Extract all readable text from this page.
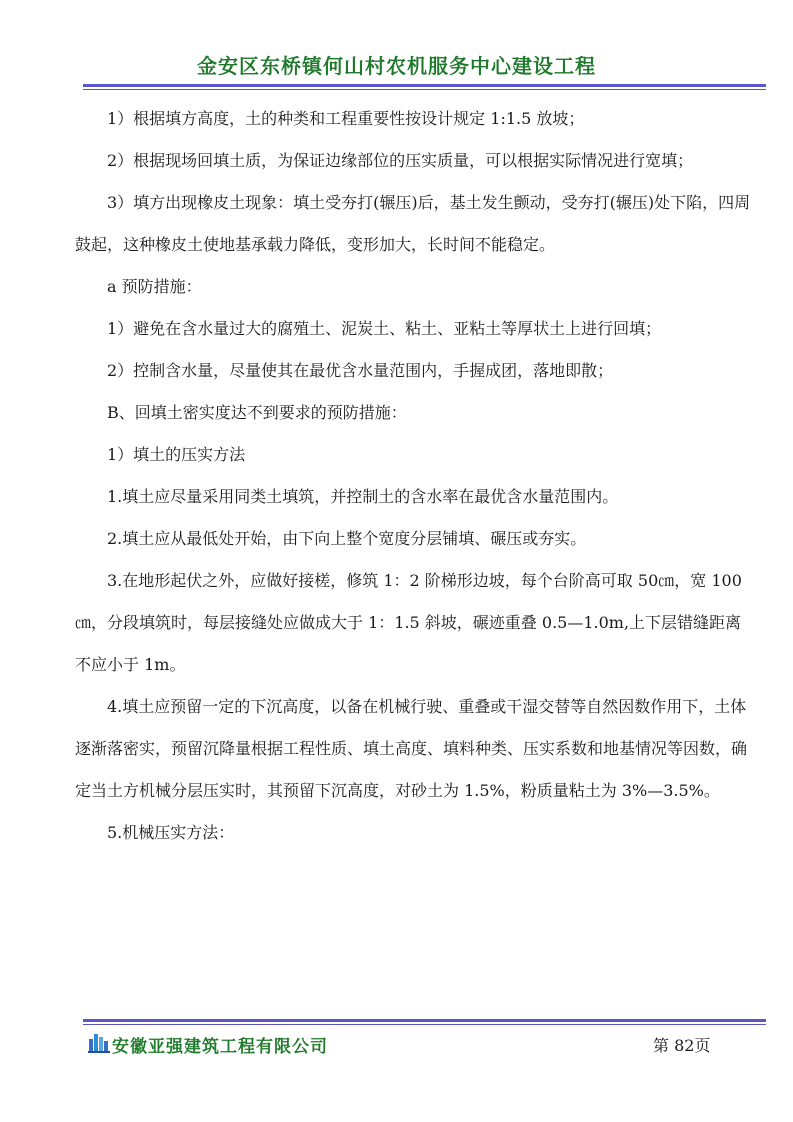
金安区东桥镇何山村农机服务中心建设工程

1）根据填方高度，土的种类和工程重要性按设计规定 1:1.5 放坡；

2）根据现场回填土质，为保证边缘部位的压实质量，可以根据实际情况进行宽填；

3）填方出现橡皮土现象：填土受夯打(辗压)后，基土发生颤动，受夯打(辗压)处下陷，四周鼓起，这种橡皮土使地基承载力降低，变形加大，长时间不能稳定。

a 预防措施：

1）避免在含水量过大的腐殖土、泥炭土、粘土、亚粘土等厚状土上进行回填；

2）控制含水量，尽量使其在最优含水量范围内，手握成团，落地即散；

B、回填土密实度达不到要求的预防措施：

1）填土的压实方法

1.填土应尽量采用同类土填筑，并控制土的含水率在最优含水量范围内。

2.填土应从最低处开始，由下向上整个宽度分层铺填、碾压或夯实。

3.在地形起伏之外，应做好接槎，修筑 1：2 阶梯形边坡，每个台阶高可取 50㎝，宽 100㎝，分段填筑时，每层接缝处应做成大于 1：1.5 斜坡，碾迹重叠 0.5—1.0m,上下层错缝距离不应小于 1m。

4.填土应预留一定的下沉高度，以备在机械行驶、重叠或干湿交替等自然因数作用下，土体逐渐落密实，预留沉降量根据工程性质、填土高度、填料种类、压实系数和地基情况等因数，确定当土方机械分层压实时，其预留下沉高度，对砂土为 1.5%，粉质量粘土为 3%—3.5%。

5.机械压实方法：

安徽亚强建筑工程有限公司	第 82页
